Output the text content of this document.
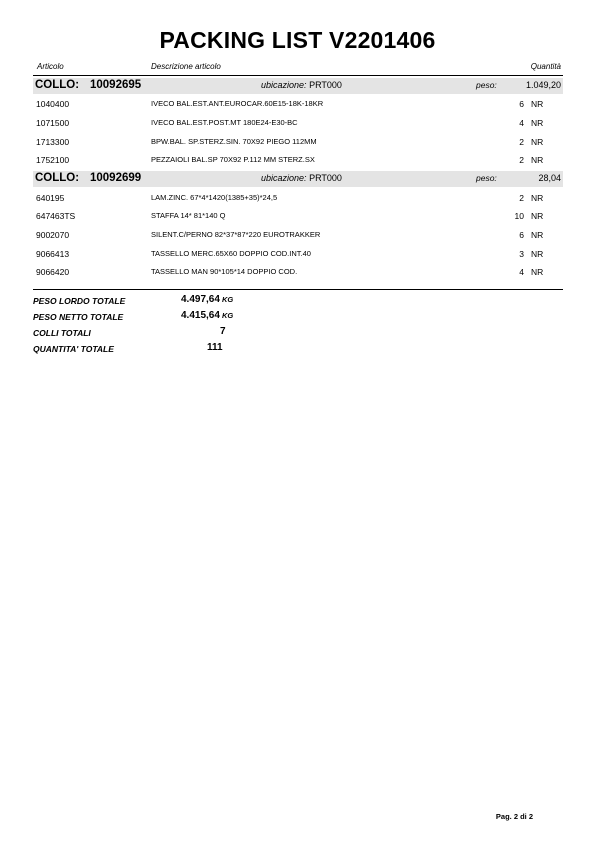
PACKING LIST V2201406
Articolo	Descrizione articolo	Quantità
COLLO: 10092695	ubicazione: PRT000	peso:	1.049,20
1040400	IVECO BAL.EST.ANT.EUROCAR.60E15-18K-18KR	6 NR
1071500	IVECO BAL.EST.POST.MT 180E24-E30-BC	4 NR
1713300	BPW.BAL. SP.STERZ.SIN. 70X92 PIEGO 112MM	2 NR
1752100	PEZZAIOLI BAL.SP 70X92 P.112 MM STERZ.SX	2 NR
COLLO: 10092699	ubicazione: PRT000	peso:	28,04
640195	LAM.ZINC. 67*4*1420(1385+35)*24,5	2 NR
647463TS	STAFFA 14* 81*140 Q	10 NR
9002070	SILENT.C/PERNO 82*37*87*220 EUROTRAKKER	6 NR
9066413	TASSELLO MERC.65X60 DOPPIO COD.INT.40	3 NR
9066420	TASSELLO MAN 90*105*14 DOPPIO COD.	4 NR
PESO LORDO TOTALE	4.497,64 KG
PESO NETTO TOTALE	4.415,64 KG
COLLI TOTALI	7
QUANTITA' TOTALE	111
Pag. 2 di 2
